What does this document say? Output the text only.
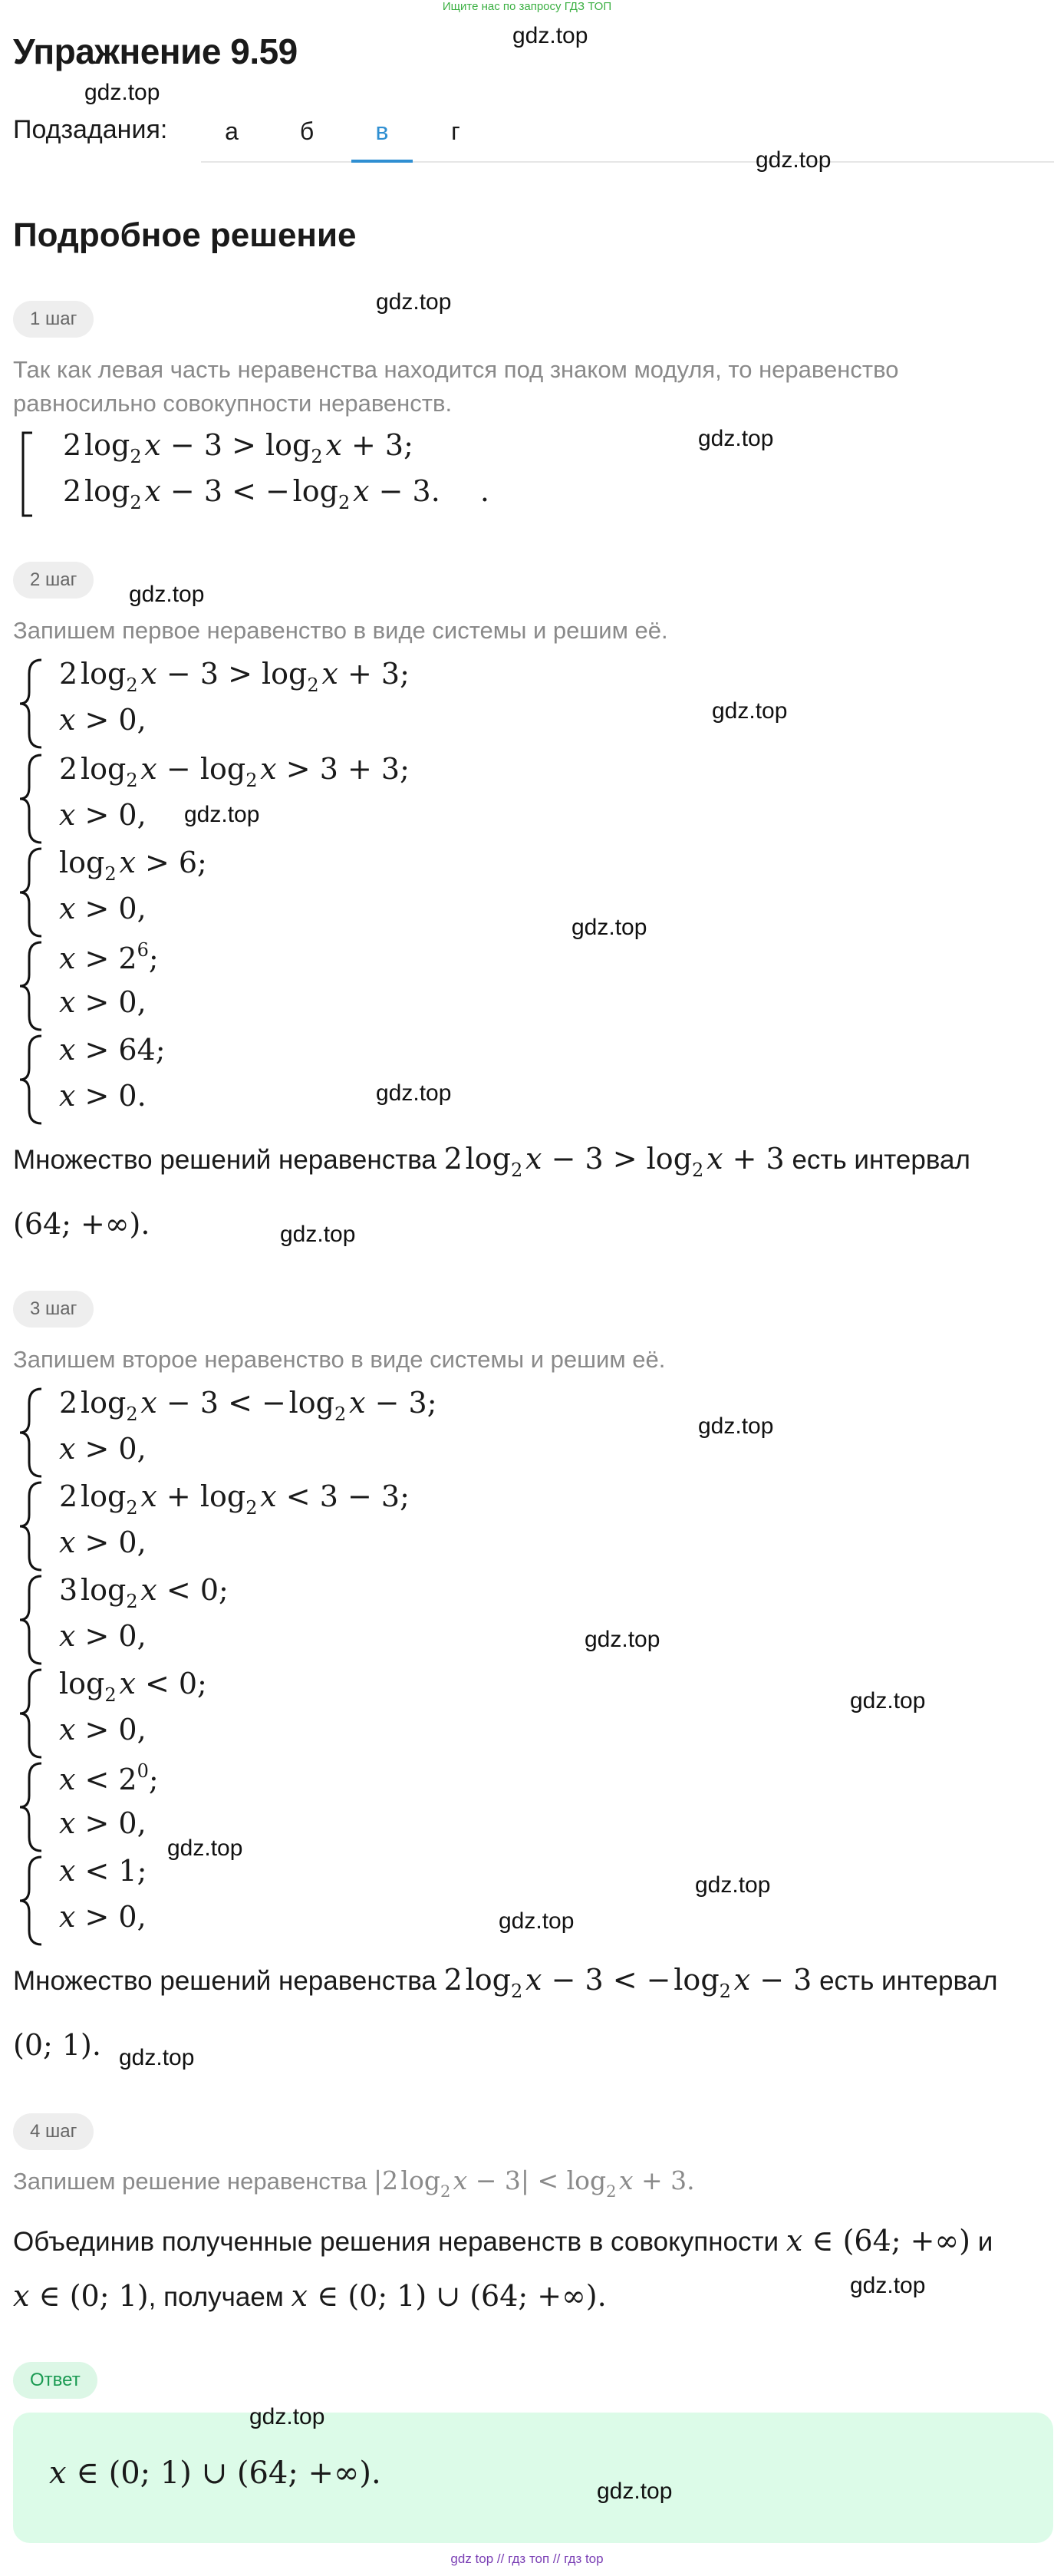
Ищите нас по запросу ГДЗ ТОП
Упражнение 9.59
gdz.top
gdz.top
Подзадания:	а	б	в	г
gdz.top
Подробное решение
1 шаг
gdz.top
Так как левая часть неравенства находится под знаком модуля, то неравенство равносильно совокупности неравенств.
2 $\log_2$ $x - 3 > \log_2$ x + 3;
2 $\log_2$ x − 3 < − $\log_2$ x − 3. .
gdz.top
2 шаг
gdz.top
Запишем первое неравенство в виде системы и решим её.
2 $\log_2$ $x - 3 > \log_2$ x + 3;
x > 0,	gdz.top
2 $\log_2$ $x - \log_2$ x > 3 + 3;
x > 0, gdz.top
$\log_2$ x > 6;
x > 0,
gdz.top
$x > 2^6$;
x > 0,
x > 64;
x > 0.	gdz.top
Множество решений неравенства 2 $\log_2$ $x - 3 > \log_2$ x + 3 есть интервал
(64; +∞).	gdz.top
3 шаг
Запишем второе неравенство в виде системы и решим её.
2 $\log_2$ x − 3 < − $\log_2$ x − 3;
x > 0,
gdz.top
2 $\log_2$ $x + \log_2$ x < 3 − 3;
x > 0,
3 $\log_2$ x < 0;
x > 0,	gdz.top
$\log_2$ x < 0;
x > 0,
gdz.top
$x < 2^0$;
x > 0,
gdz.top
x < 1;
x > 0,
gdz.top
gdz.top
Множество решений неравенства 2 $\log_2$ x − 3 < − $\log_2$ x − 3 есть интервал
(0; 1). gdz.top
4 шаг
Запишем решение неравенства |2 $\log_2$ $x - 3| < \log_2$ x + 3.
Объединив полученные решения неравенств в совокупности x ∈ (64; +∞) и
x ∈ (0; 1), получаем x ∈ (0; 1) ∪ (64; +∞).	gdz.top
Ответ
gdz.top
x ∈ (0; 1) ∪ (64; +∞).
gdz.top
gdz top // гдз топ // гдз top
